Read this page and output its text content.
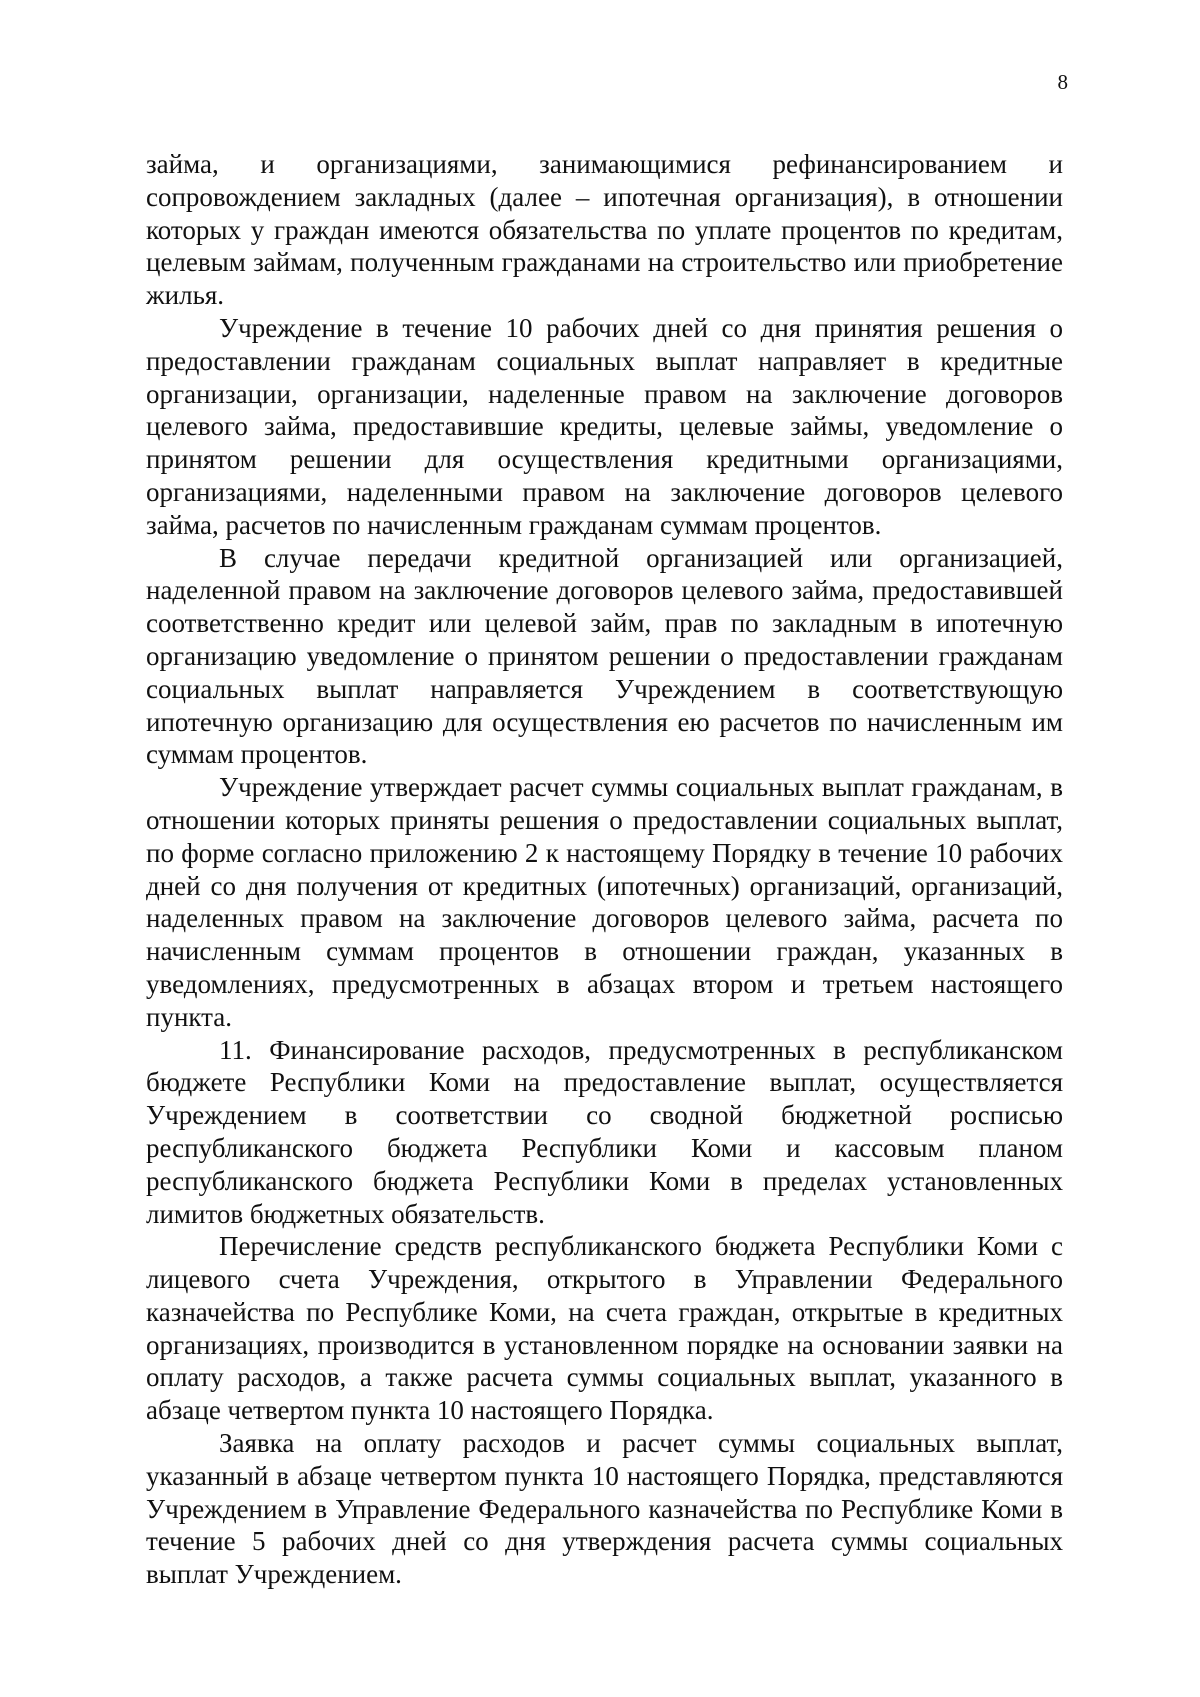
8

займа, и организациями, занимающимися рефинансированием и сопровождением закладных (далее – ипотечная организация), в отношении которых у граждан имеются обязательства по уплате процентов по кредитам, целевым займам, полученным гражданами на строительство или приобретение жилья.

Учреждение в течение 10 рабочих дней со дня принятия решения о предоставлении гражданам социальных выплат направляет в кредитные организации, организации, наделенные правом на заключение договоров целевого займа, предоставившие кредиты, целевые займы, уведомление о принятом решении для осуществления кредитными организациями, организациями, наделенными правом на заключение договоров целевого займа, расчетов по начисленным гражданам суммам процентов.

В случае передачи кредитной организацией или организацией, наделенной правом на заключение договоров целевого займа, предоставившей соответственно кредит или целевой займ, прав по закладным в ипотечную организацию уведомление о принятом решении о предоставлении гражданам социальных выплат направляется Учреждением в соответствующую ипотечную организацию для осуществления ею расчетов по начисленным им суммам процентов.

Учреждение утверждает расчет суммы социальных выплат гражданам, в отношении которых приняты решения о предоставлении социальных выплат, по форме согласно приложению 2 к настоящему Порядку в течение 10 рабочих дней со дня получения от кредитных (ипотечных) организаций, организаций, наделенных правом на заключение договоров целевого займа, расчета по начисленным суммам процентов в отношении граждан, указанных в уведомлениях, предусмотренных в абзацах втором и третьем настоящего пункта.

11. Финансирование расходов, предусмотренных в республиканском бюджете Республики Коми на предоставление выплат, осуществляется Учреждением в соответствии со сводной бюджетной росписью республиканского бюджета Республики Коми и кассовым планом республиканского бюджета Республики Коми в пределах установленных лимитов бюджетных обязательств.

Перечисление средств республиканского бюджета Республики Коми с лицевого счета Учреждения, открытого в Управлении Федерального казначейства по Республике Коми, на счета граждан, открытые в кредитных организациях, производится в установленном порядке на основании заявки на оплату расходов, а также расчета суммы социальных выплат, указанного в абзаце четвертом пункта 10 настоящего Порядка.

Заявка на оплату расходов и расчет суммы социальных выплат, указанный в абзаце четвертом пункта 10 настоящего Порядка, представляются Учреждением в Управление Федерального казначейства по Республике Коми в течение 5 рабочих дней со дня утверждения расчета суммы социальных выплат Учреждением.
